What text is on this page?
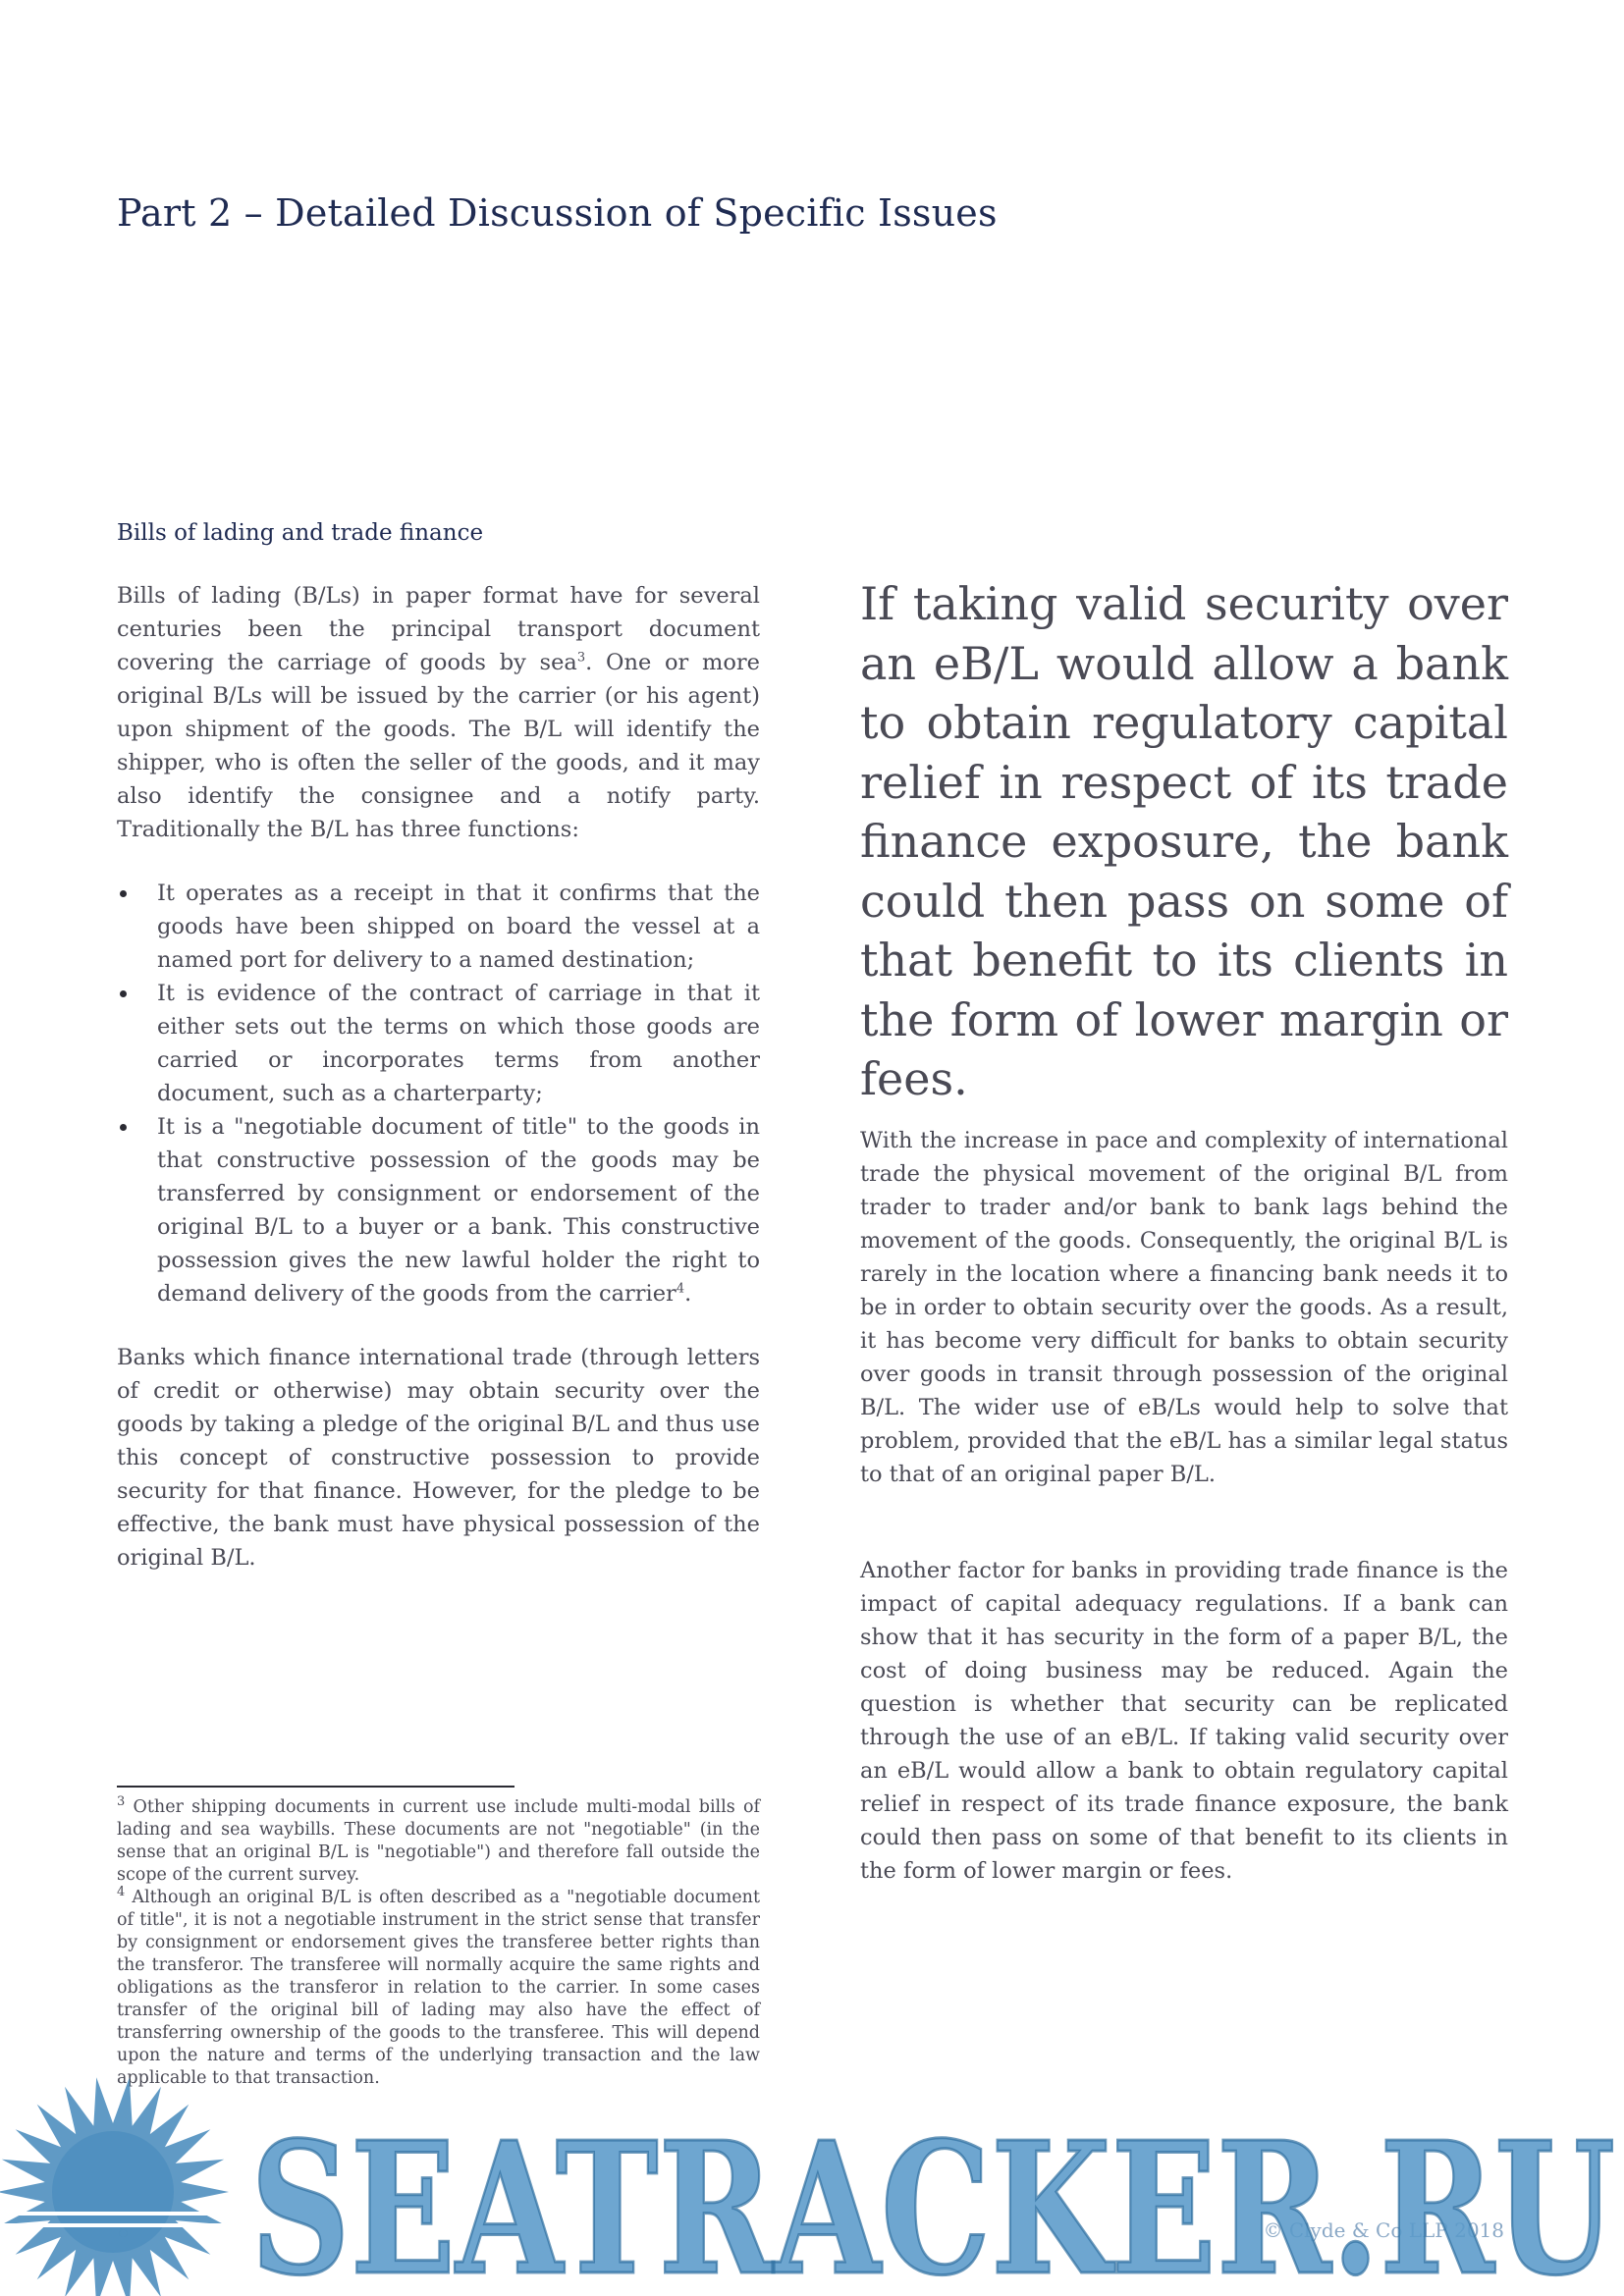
Part 2 – Detailed Discussion of Specific Issues
Bills of lading and trade finance

Bills of lading (B/Ls) in paper format have for several centuries been the principal transport document covering the carriage of goods by sea$^3$. One or more original B/Ls will be issued by the carrier (or his agent) upon shipment of the goods. The B/L will identify the shipper, who is often the seller of the goods, and it may also identify the consignee and a notify party. Traditionally the B/L has three functions:

It operates as a receipt in that it confirms that the goods have been shipped on board the vessel at a named port for delivery to a named destination;
It is evidence of the contract of carriage in that it either sets out the terms on which those goods are carried or incorporates terms from another document, such as a charterparty;
It is a "negotiable document of title" to the goods in that constructive possession of the goods may be transferred by consignment or endorsement of the original B/L to a buyer or a bank. This constructive possession gives the new lawful holder the right to demand delivery of the goods from the carrier$^4$.

Banks which finance international trade (through letters of credit or otherwise) may obtain security over the goods by taking a pledge of the original B/L and thus use this concept of constructive possession to provide security for that finance. However, for the pledge to be effective, the bank must have physical possession of the original B/L.

If taking valid security over an eB/L would allow a bank to obtain regulatory capital relief in respect of its trade finance exposure, the bank could then pass on some of that benefit to its clients in the form of lower margin or fees.

With the increase in pace and complexity of international trade the physical movement of the original B/L from trader to trader and/or bank to bank lags behind the movement of the goods. Consequently, the original B/L is rarely in the location where a financing bank needs it to be in order to obtain security over the goods. As a result, it has become very difficult for banks to obtain security over goods in transit through possession of the original B/L. The wider use of eB/Ls would help to solve that problem, provided that the eB/L has a similar legal status to that of an original paper B/L.

Another factor for banks in providing trade finance is the impact of capital adequacy regulations. If a bank can show that it has security in the form of a paper B/L, the cost of doing business may be reduced. Again the question is whether that security can be replicated through the use of an eB/L. If taking valid security over an eB/L would allow a bank to obtain regulatory capital relief in respect of its trade finance exposure, the bank could then pass on some of that benefit to its clients in the form of lower margin or fees.

$^3$ Other shipping documents in current use include multi-modal bills of lading and sea waybills. These documents are not "negotiable" (in the sense that an original B/L is "negotiable") and therefore fall outside the scope of the current survey.

$^4$ Although an original B/L is often described as a "negotiable document of title", it is not a negotiable instrument in the strict sense that transfer by consignment or endorsement gives the transferee better rights than the transferor. The transferee will normally acquire the same rights and obligations as the transferor in relation to the carrier. In some cases transfer of the original bill of lading may also have the effect of transferring ownership of the goods to the transferee. This will depend upon the nature and terms of the underlying transaction and the law applicable to that transaction.

© Clyde & Co LLP 2018

SEATRACKER.RU
